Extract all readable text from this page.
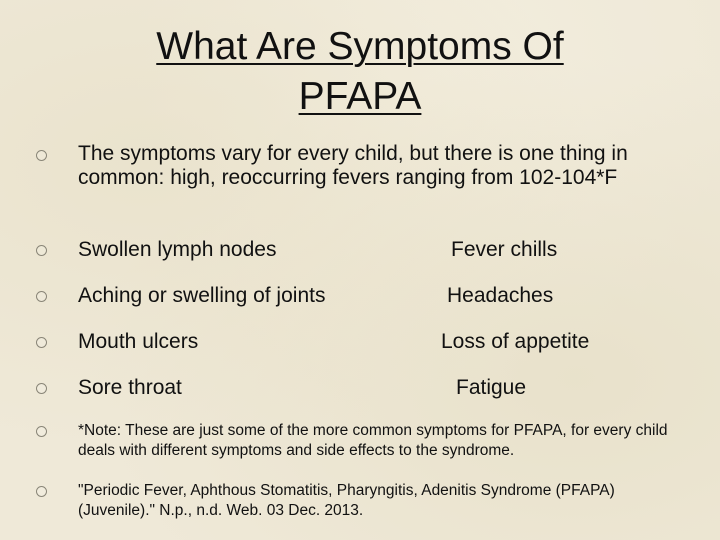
What Are Symptoms Of
PFAPA

The symptoms vary for every child, but there is one thing in common: high, reoccurring fevers ranging from 102-104*F

Swollen lymph nodes	Fever chills

Aching or swelling of joints	Headaches

Mouth ulcers	Loss of appetite

Sore throat	Fatigue

*Note: These are just some of the more common symptoms for PFAPA, for every child deals with different symptoms and side effects to the syndrome.

"Periodic Fever, Aphthous Stomatitis, Pharyngitis, Adenitis Syndrome (PFAPA) (Juvenile)." N.p., n.d. Web. 03 Dec. 2013.
